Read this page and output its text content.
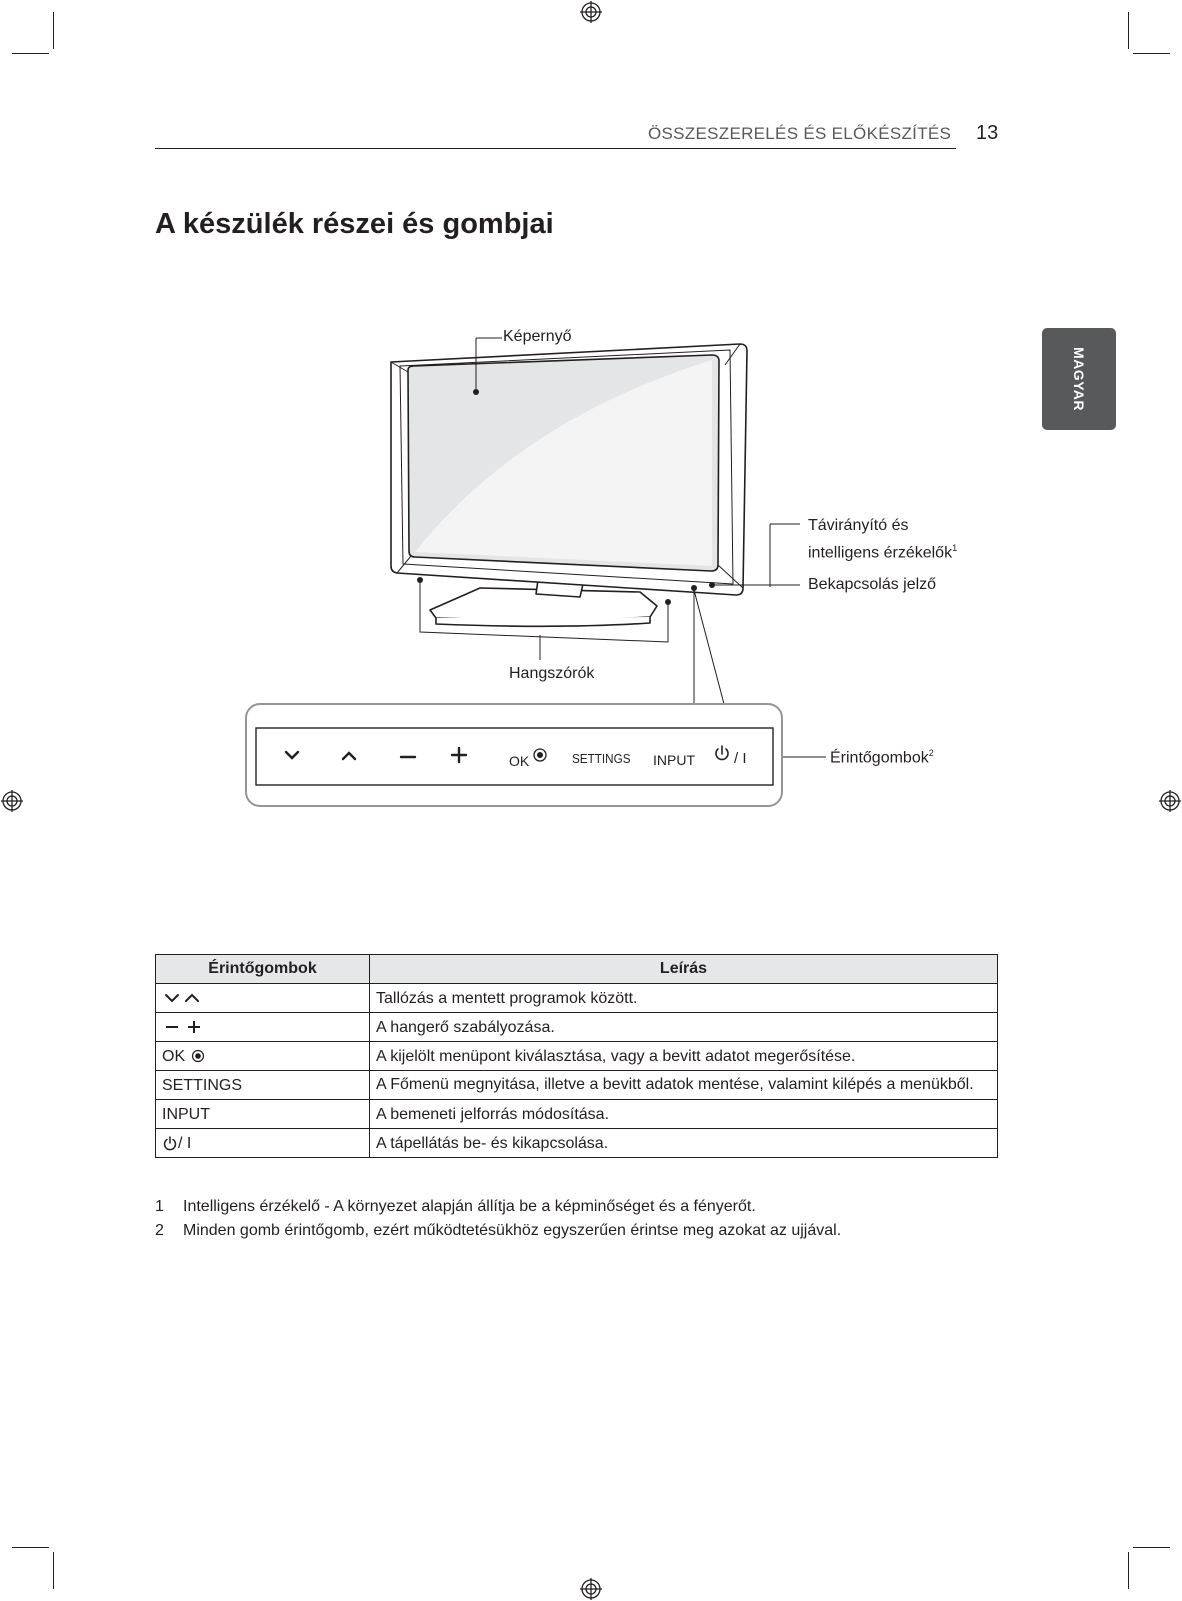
ÖSSZESZERELÉS ÉS ELŐKÉSZÍTÉS 13
A készülék részei és gombjai
MAGYAR
Képernyő
Távirányító és
intelligens érzékelők$^1$
Bekapcsolás jelző
Hangszórók
Érintőgombok$^2$
OK	SETTINGS INPUT	/ I
Érintőgombok	Leírás
	Tallózás a mentett programok között.
	A hangerő szabályozása.
OK	A kijelölt menüpont kiválasztása, vagy a bevitt adatot megerősítése.
SETTINGS	A Főmenü megnyitása, illetve a bevitt adatok mentése, valamint kilépés a menükből.
INPUT	A bemeneti jelforrás módosítása.
/ I	A tápellátás be- és kikapcsolása.
1 Intelligens érzékelő - A környezet alapján állítja be a képminőséget és a fényerőt.
2 Minden gomb érintőgomb, ezért működtetésükhöz egyszerűen érintse meg azokat az ujjával.
